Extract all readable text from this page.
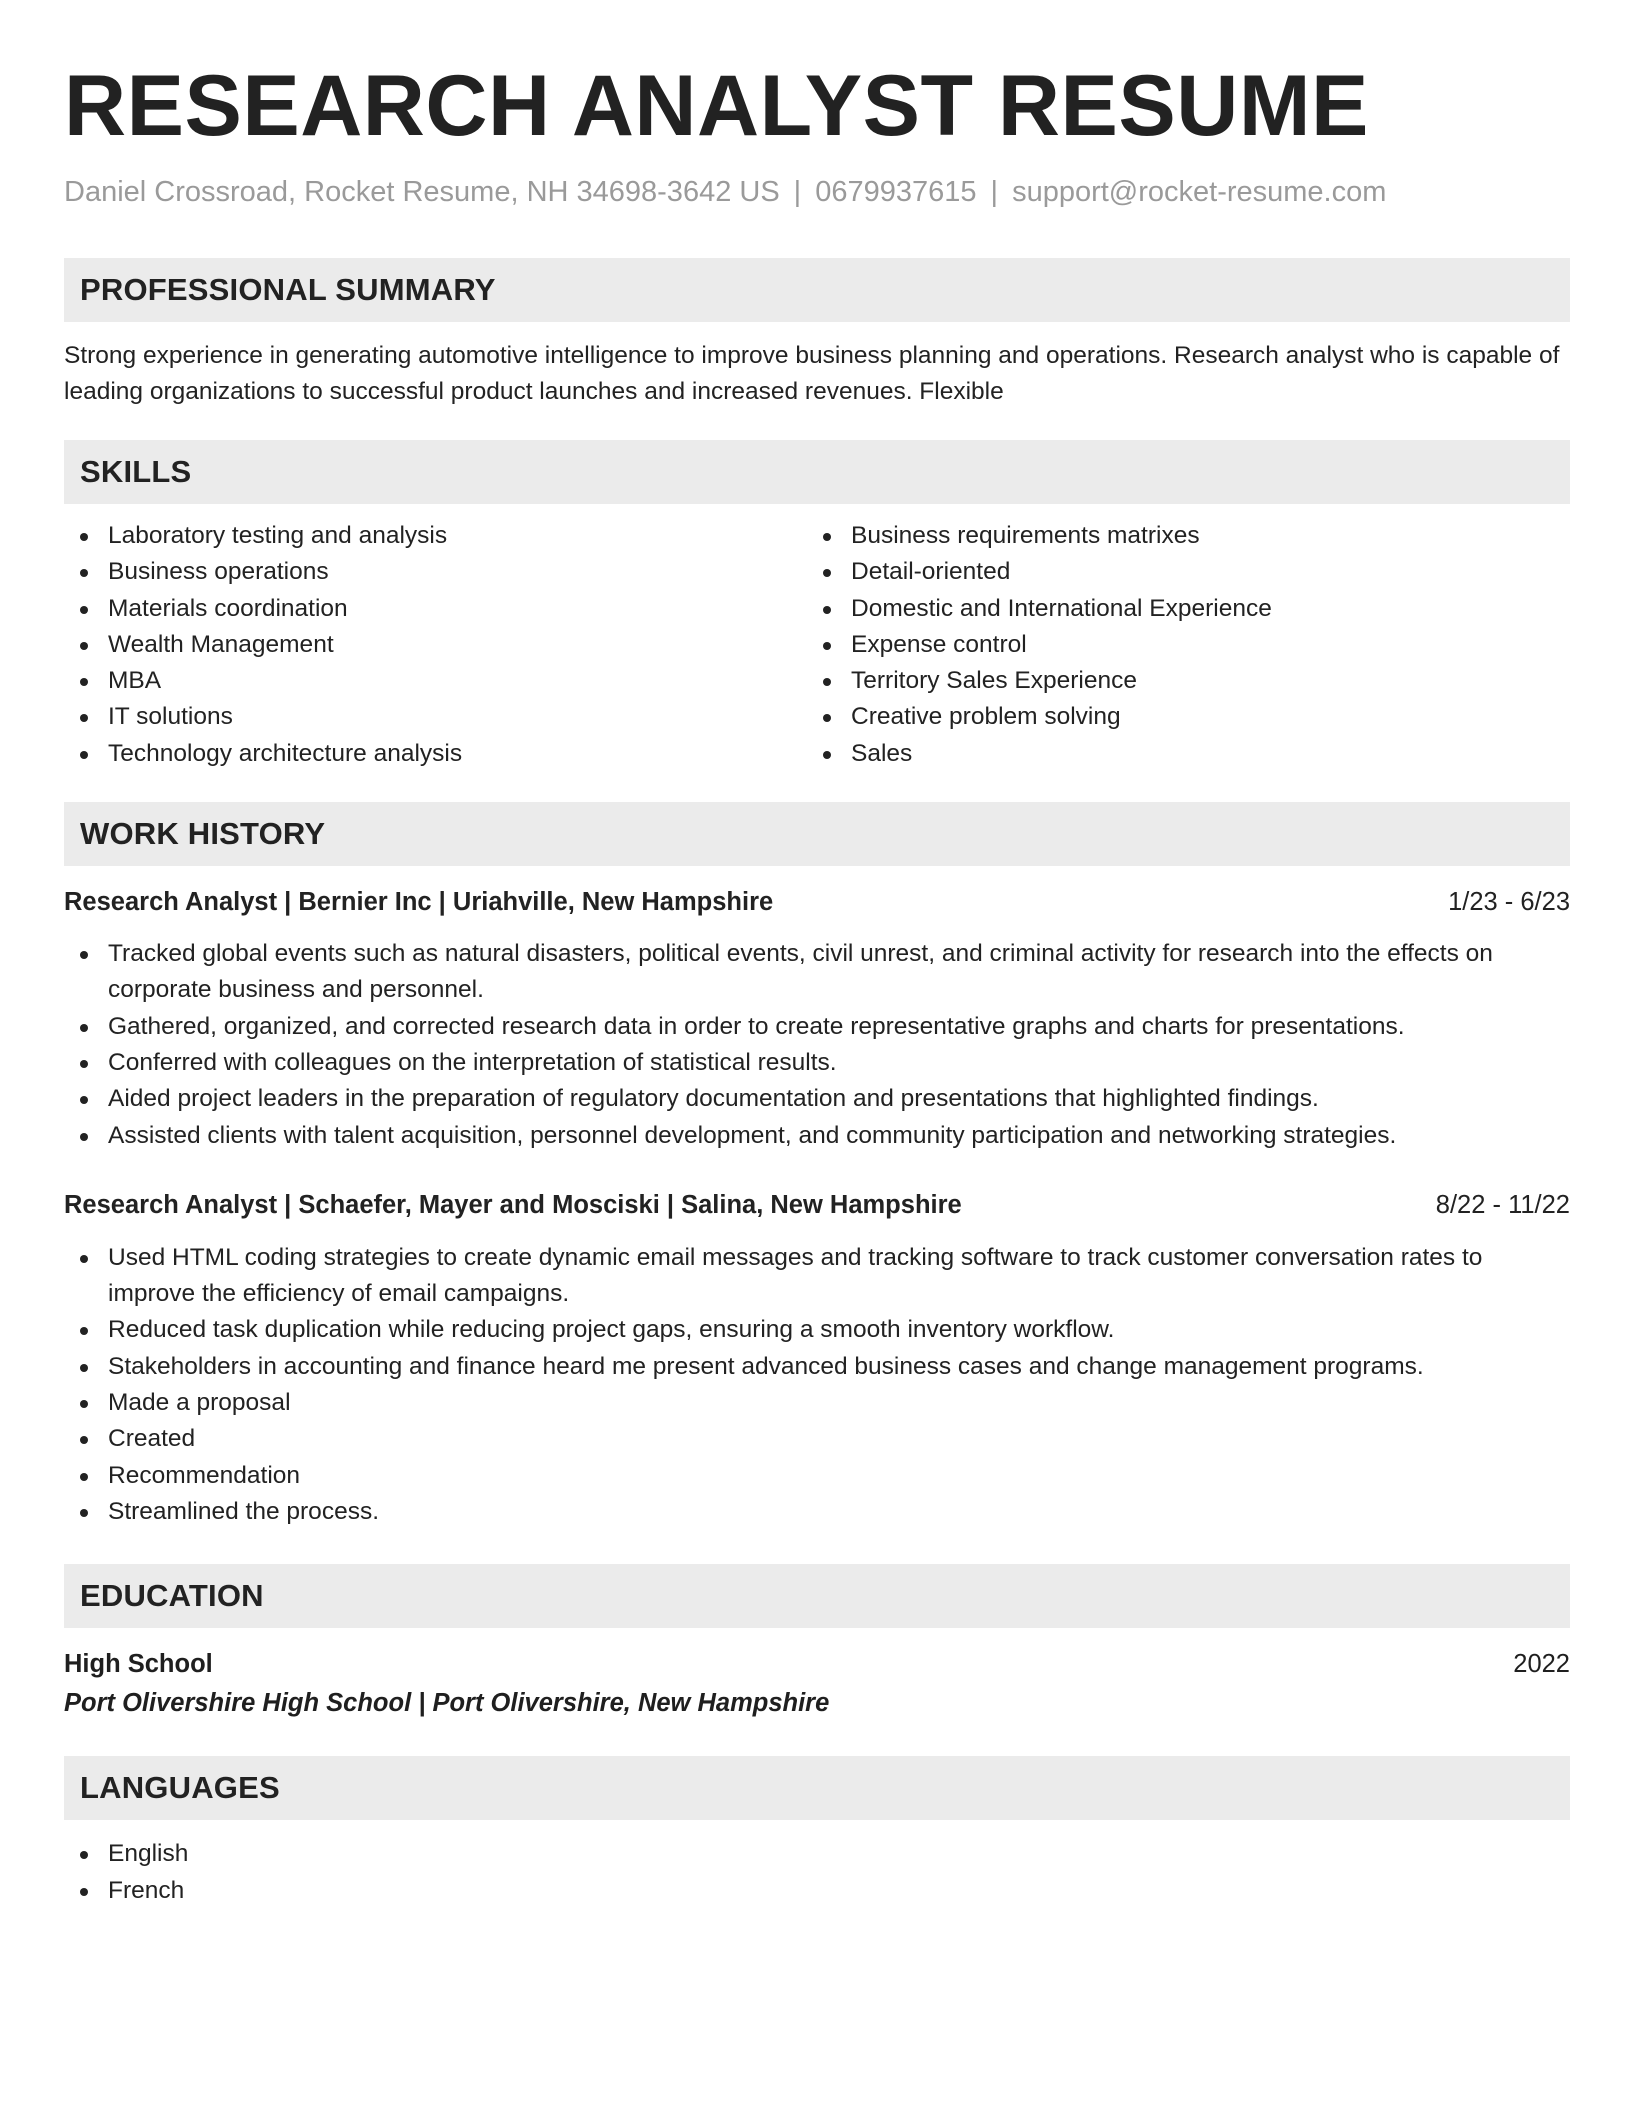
RESEARCH ANALYST RESUME
Daniel Crossroad, Rocket Resume, NH 34698-3642 US | 0679937615 | support@rocket-resume.com
PROFESSIONAL SUMMARY

Strong experience in generating automotive intelligence to improve business planning and operations. Research analyst who is capable of leading organizations to successful product launches and increased revenues. Flexible

SKILLS
Laboratory testing and analysis
Business operations
Materials coordination
Wealth Management
MBA
IT solutions
Technology architecture analysis
Business requirements matrixes
Detail-oriented
Domestic and International Experience
Expense control
Territory Sales Experience
Creative problem solving
Sales
WORK HISTORY
Research Analyst | Bernier Inc | Uriahville, New Hampshire	1/23 - 6/23
Tracked global events such as natural disasters, political events, civil unrest, and criminal activity for research into the effects on corporate business and personnel.
Gathered, organized, and corrected research data in order to create representative graphs and charts for presentations.
Conferred with colleagues on the interpretation of statistical results.
Aided project leaders in the preparation of regulatory documentation and presentations that highlighted findings.
Assisted clients with talent acquisition, personnel development, and community participation and networking strategies.
Research Analyst | Schaefer, Mayer and Mosciski | Salina, New Hampshire	8/22 - 11/22
Used HTML coding strategies to create dynamic email messages and tracking software to track customer conversation rates to improve the efficiency of email campaigns.
Reduced task duplication while reducing project gaps, ensuring a smooth inventory workflow.
Stakeholders in accounting and finance heard me present advanced business cases and change management programs.
Made a proposal
Created
Recommendation
Streamlined the process.
EDUCATION
High School	2022
Port Olivershire High School | Port Olivershire, New Hampshire
LANGUAGES
English
French
